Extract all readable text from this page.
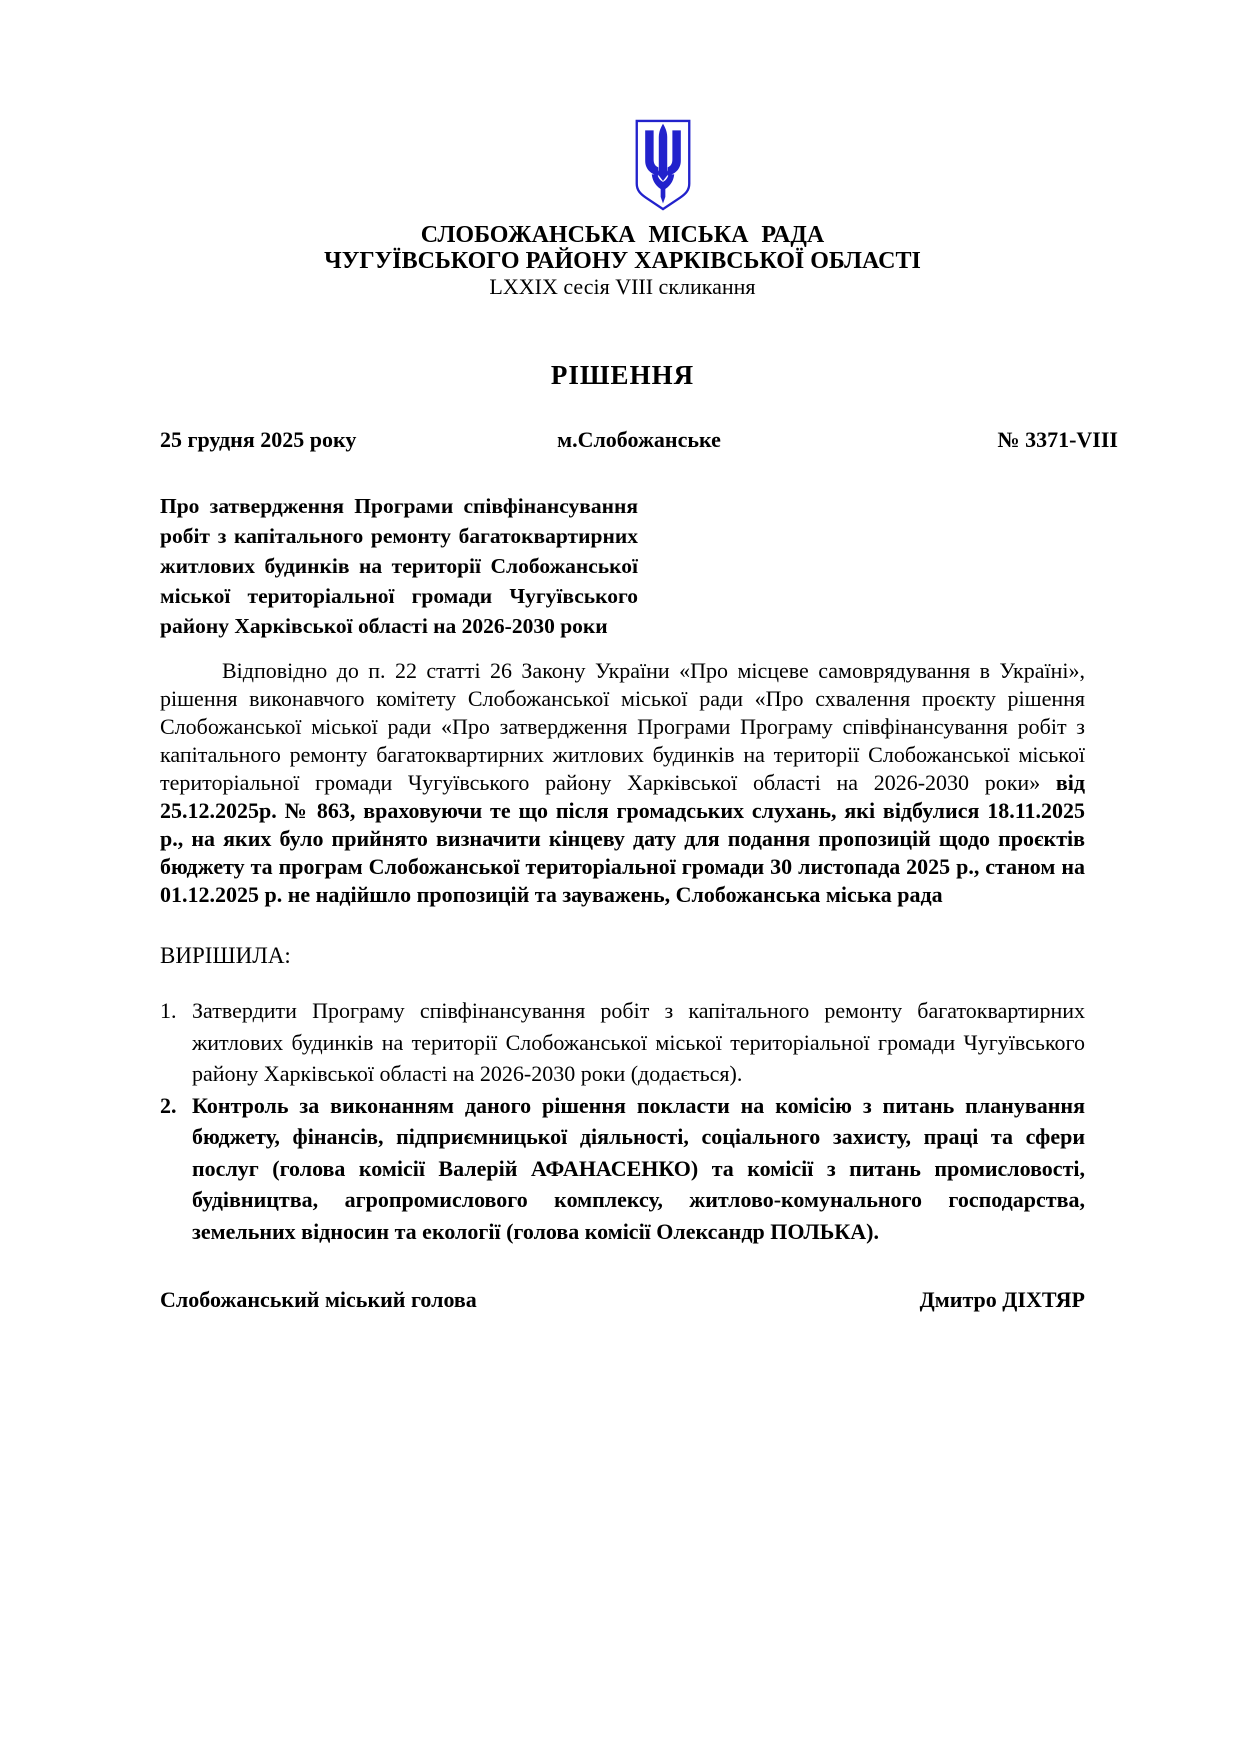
СЛОБОЖАНСЬКА МІСЬКА РАДА
ЧУГУЇВСЬКОГО РАЙОНУ ХАРКІВСЬКОЇ ОБЛАСТІ
LXXIX сесія VIII скликання
РІШЕННЯ
25 грудня 2025 року	м.Слобожанське	№ 3371-VIII
Про затвердження Програми співфінансування робіт з капітального ремонту багатоквартирних житлових будинків на території Слобожанської міської територіальної громади Чугуївського району Харківської області на 2026-2030 роки

Відповідно до п. 22 статті 26 Закону України «Про місцеве самоврядування в Україні», рішення виконавчого комітету Слобожанської міської ради «Про схвалення проєкту рішення Слобожанської міської ради «Про затвердження Програми Програму співфінансування робіт з капітального ремонту багатоквартирних житлових будинків на території Слобожанської міської територіальної громади Чугуївського району Харківської області на 2026-2030 роки» від 25.12.2025р. № 863, враховуючи те що після громадських слухань, які відбулися 18.11.2025 р., на яких було прийнято визначити кінцеву дату для подання пропозицій щодо проєктів бюджету та програм Слобожанської територіальної громади 30 листопада 2025 р., станом на 01.12.2025 р. не надійшло пропозицій та зауважень, Слобожанська міська рада

ВИРІШИЛА:
1. Затвердити Програму співфінансування робіт з капітального ремонту багатоквартирних житлових будинків на території Слобожанської міської територіальної громади Чугуївського району Харківської області на 2026-2030 роки (додається).
2. Контроль за виконанням даного рішення покласти на комісію з питань планування бюджету, фінансів, підприємницької діяльності, соціального захисту, праці та сфери послуг (голова комісії Валерій АФАНАСЕНКО) та комісії з питань промисловості, будівництва, агропромислового комплексу, житлово-комунального господарства, земельних відносин та екології (голова комісії Олександр ПОЛЬКА).
Слобожанський міський голова	Дмитро ДІХТЯР
